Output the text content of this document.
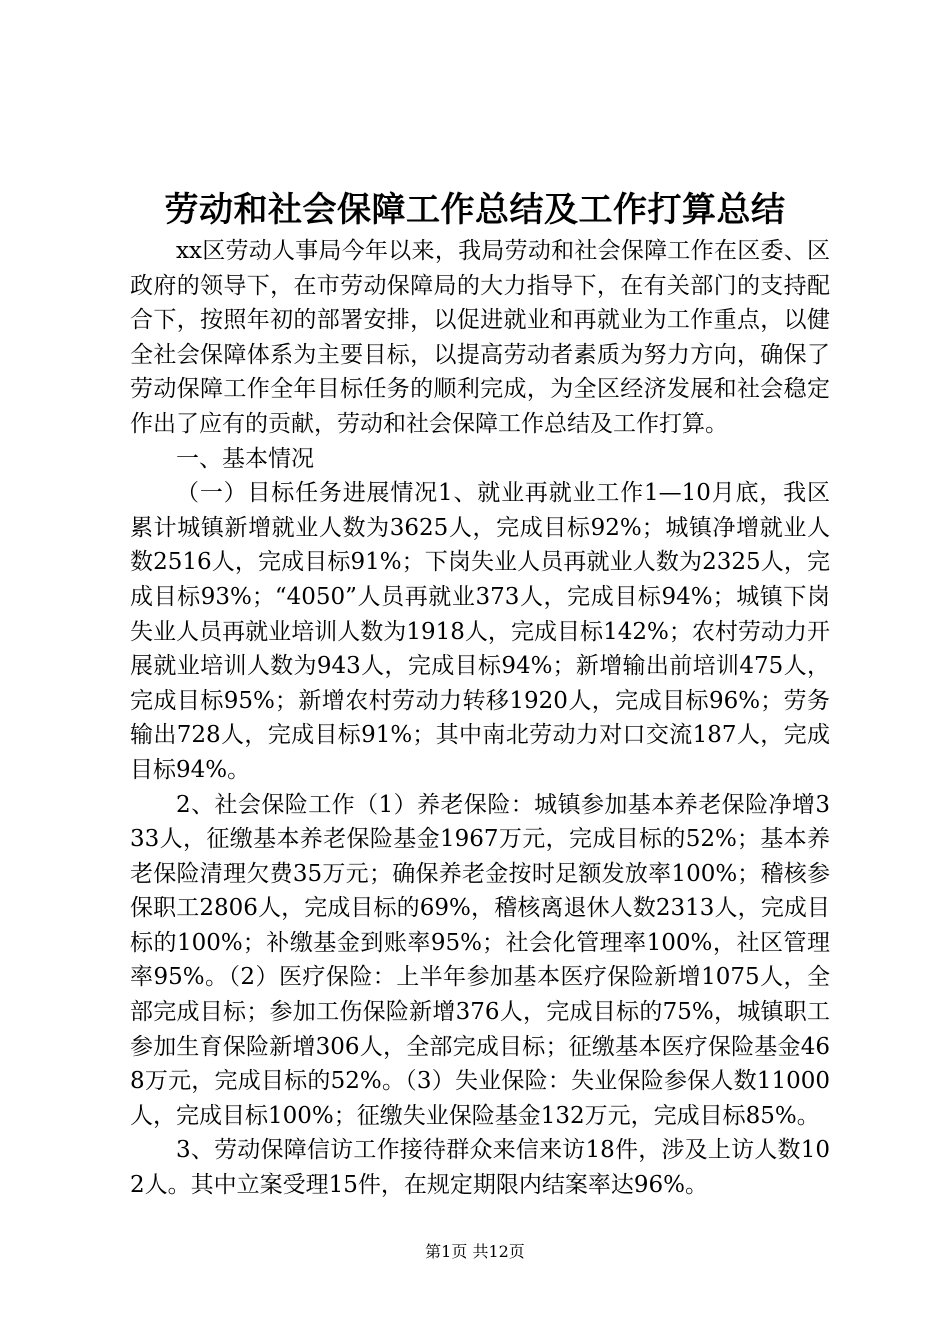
劳动和社会保障工作总结及工作打算总结

xx区劳动人事局今年以来，我局劳动和社会保障工作在区委、区政府的领导下，在市劳动保障局的大力指导下，在有关部门的支持配合下，按照年初的部署安排，以促进就业和再就业为工作重点，以健全社会保障体系为主要目标，以提高劳动者素质为努力方向，确保了劳动保障工作全年目标任务的顺利完成，为全区经济发展和社会稳定作出了应有的贡献，劳动和社会保障工作总结及工作打算。

一、基本情况

（一）目标任务进展情况1、就业再就业工作1—10月底，我区累计城镇新增就业人数为3625人，完成目标92%；城镇净增就业人数2516人，完成目标91%；下岗失业人员再就业人数为2325人，完成目标93%；“4050”人员再就业373人，完成目标94%；城镇下岗失业人员再就业培训人数为1918人，完成目标142%；农村劳动力开展就业培训人数为943人，完成目标94%；新增输出前培训475人，完成目标95%；新增农村劳动力转移1920人，完成目标96%；劳务输出728人，完成目标91%；其中南北劳动力对口交流187人，完成目标94%。

2、社会保险工作（1）养老保险：城镇参加基本养老保险净增333人，征缴基本养老保险基金1967万元，完成目标的52%；基本养老保险清理欠费35万元；确保养老金按时足额发放率100%；稽核参保职工2806人，完成目标的69%，稽核离退休人数2313人，完成目标的100%；补缴基金到账率95%；社会化管理率100%，社区管理率95%。（2）医疗保险：上半年参加基本医疗保险新增1075人，全部完成目标；参加工伤保险新增376人，完成目标的75%，城镇职工参加生育保险新增306人，全部完成目标；征缴基本医疗保险基金468万元，完成目标的52%。（3）失业保险：失业保险参保人数11000人，完成目标100%；征缴失业保险基金132万元，完成目标85%。

3、劳动保障信访工作接待群众来信来访18件，涉及上访人数102人。其中立案受理15件，在规定期限内结案率达96%。

第1页 共12页
